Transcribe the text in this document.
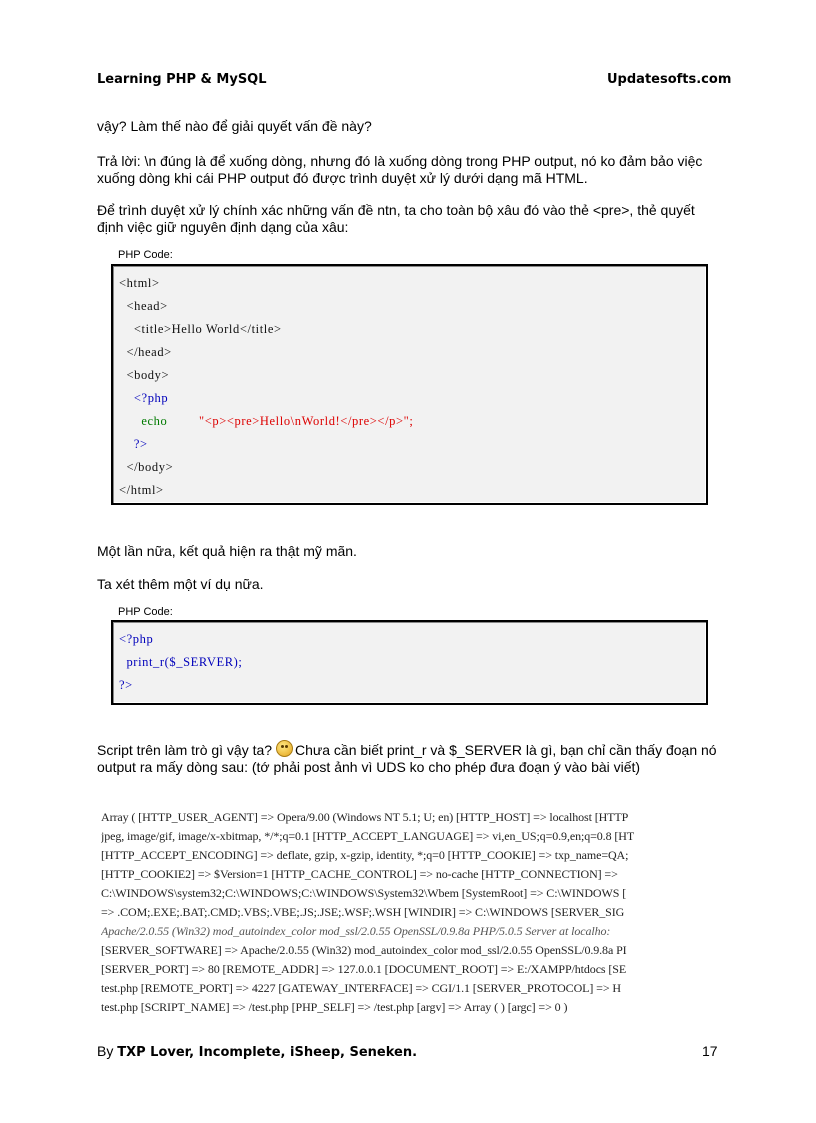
Learning PHP & MySQL	Updatesofts.com

vậy? Làm thế nào để giải quyết vấn đề này?

Trả lời: \n đúng là để xuống dòng, nhưng đó là xuống dòng trong PHP output, nó ko đảm bảo việc xuống dòng khi cái PHP output đó được trình duyệt xử lý dưới dạng mã HTML.

Để trình duyệt xử lý chính xác những vấn đề ntn, ta cho toàn bộ xâu đó vào thẻ <pre>, thẻ quyết định việc giữ nguyên định dạng của xâu:

PHP Code:
<html>
<head>
<title>Hello World</title>
</head>
<body>
<?php
echo "<p><pre>Hello\nWorld!</pre></p>";
?>
</body>
</html>

Một lần nữa, kết quả hiện ra thật mỹ mãn.

Ta xét thêm một ví dụ nữa.

PHP Code:
<?php
print_r($_SERVER);
?>

Script trên làm trò gì vậy ta? Chưa cần biết print_r và $_SERVER là gì, bạn chỉ cần thấy đoạn nó output ra mấy dòng sau: (tớ phải post ảnh vì UDS ko cho phép đưa đoạn ý vào bài viết)

Array ( [HTTP_USER_AGENT] => Opera/9.00 (Windows NT 5.1; U; en) [HTTP_HOST] => localhost [HTTP
jpeg, image/gif, image/x-xbitmap, */*;q=0.1 [HTTP_ACCEPT_LANGUAGE] => vi,en_US;q=0.9,en;q=0.8 [HT
[HTTP_ACCEPT_ENCODING] => deflate, gzip, x-gzip, identity, *;q=0 [HTTP_COOKIE] => txp_name=QA;
[HTTP_COOKIE2] => $Version=1 [HTTP_CACHE_CONTROL] => no-cache [HTTP_CONNECTION] =>
C:\WINDOWS\system32;C:\WINDOWS;C:\WINDOWS\System32\Wbem [SystemRoot] => C:\WINDOWS [
=> .COM;.EXE;.BAT;.CMD;.VBS;.VBE;.JS;.JSE;.WSF;.WSH [WINDIR] => C:\WINDOWS [SERVER_SIG
Apache/2.0.55 (Win32) mod_autoindex_color mod_ssl/2.0.55 OpenSSL/0.9.8a PHP/5.0.5 Server at localho:
[SERVER_SOFTWARE] => Apache/2.0.55 (Win32) mod_autoindex_color mod_ssl/2.0.55 OpenSSL/0.9.8a PI
[SERVER_PORT] => 80 [REMOTE_ADDR] => 127.0.0.1 [DOCUMENT_ROOT] => E:/XAMPP/htdocs [SE
test.php [REMOTE_PORT] => 4227 [GATEWAY_INTERFACE] => CGI/1.1 [SERVER_PROTOCOL] => H
test.php [SCRIPT_NAME] => /test.php [PHP_SELF] => /test.php [argv] => Array ( ) [argc] => 0 )
By TXP Lover, Incomplete, iSheep, Seneken.	17
